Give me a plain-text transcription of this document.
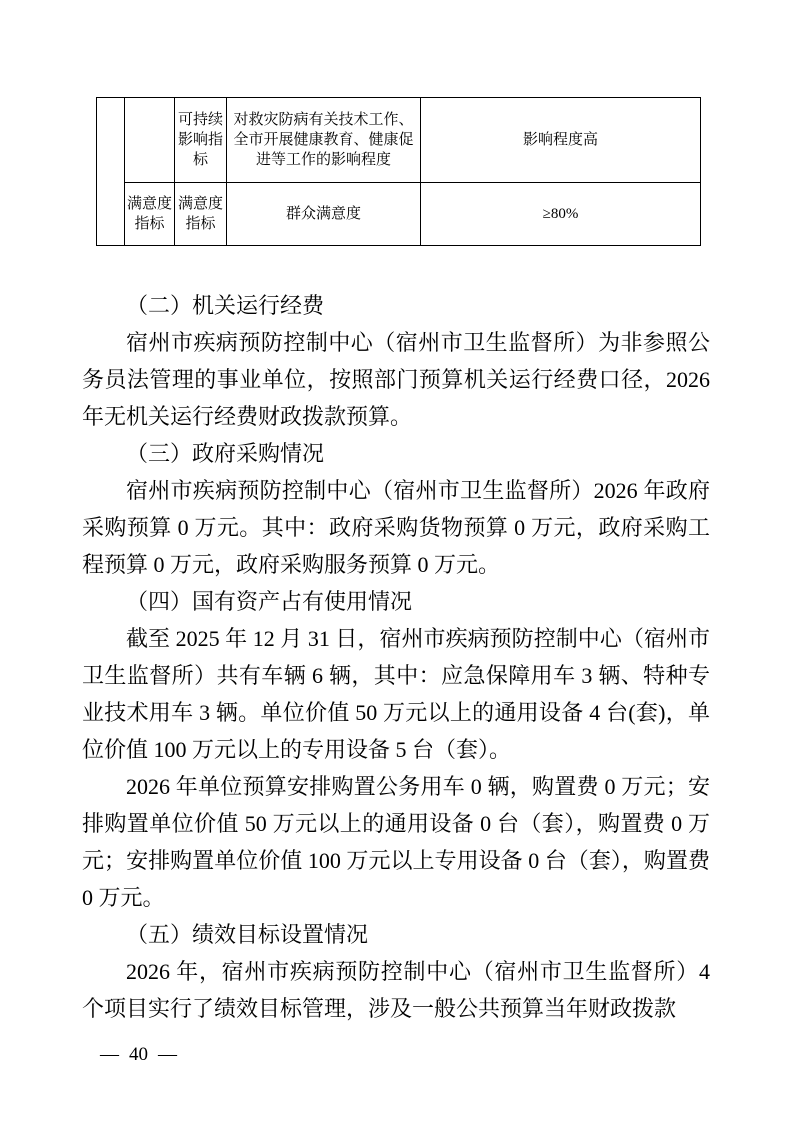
		可持续影响指标	对救灾防病有关技术工作、全市开展健康教育、健康促进等工作的影响程度	影响程度高
	满意度指标	满意度指标	群众满意度	≥80%

（二）机关运行经费

宿州市疾病预防控制中心（宿州市卫生监督所）为非参照公务员法管理的事业单位，按照部门预算机关运行经费口径，2026 年无机关运行经费财政拨款预算。

（三）政府采购情况

宿州市疾病预防控制中心（宿州市卫生监督所）2026 年政府采购预算 0 万元。其中：政府采购货物预算 0 万元，政府采购工程预算 0 万元，政府采购服务预算 0 万元。

（四）国有资产占有使用情况

截至 2025 年 12 月 31 日，宿州市疾病预防控制中心（宿州市卫生监督所）共有车辆 6 辆，其中：应急保障用车 3 辆、特种专业技术用车 3 辆。单位价值 50 万元以上的通用设备 4 台(套)，单位价值 100 万元以上的专用设备 5 台（套）。

2026 年单位预算安排购置公务用车 0 辆，购置费 0 万元；安排购置单位价值 50 万元以上的通用设备 0 台（套），购置费 0 万元；安排购置单位价值 100 万元以上专用设备 0 台（套），购置费 0 万元。

（五）绩效目标设置情况

2026 年，宿州市疾病预防控制中心（宿州市卫生监督所）4 个项目实行了绩效目标管理，涉及一般公共预算当年财政拨款

— 40 —
